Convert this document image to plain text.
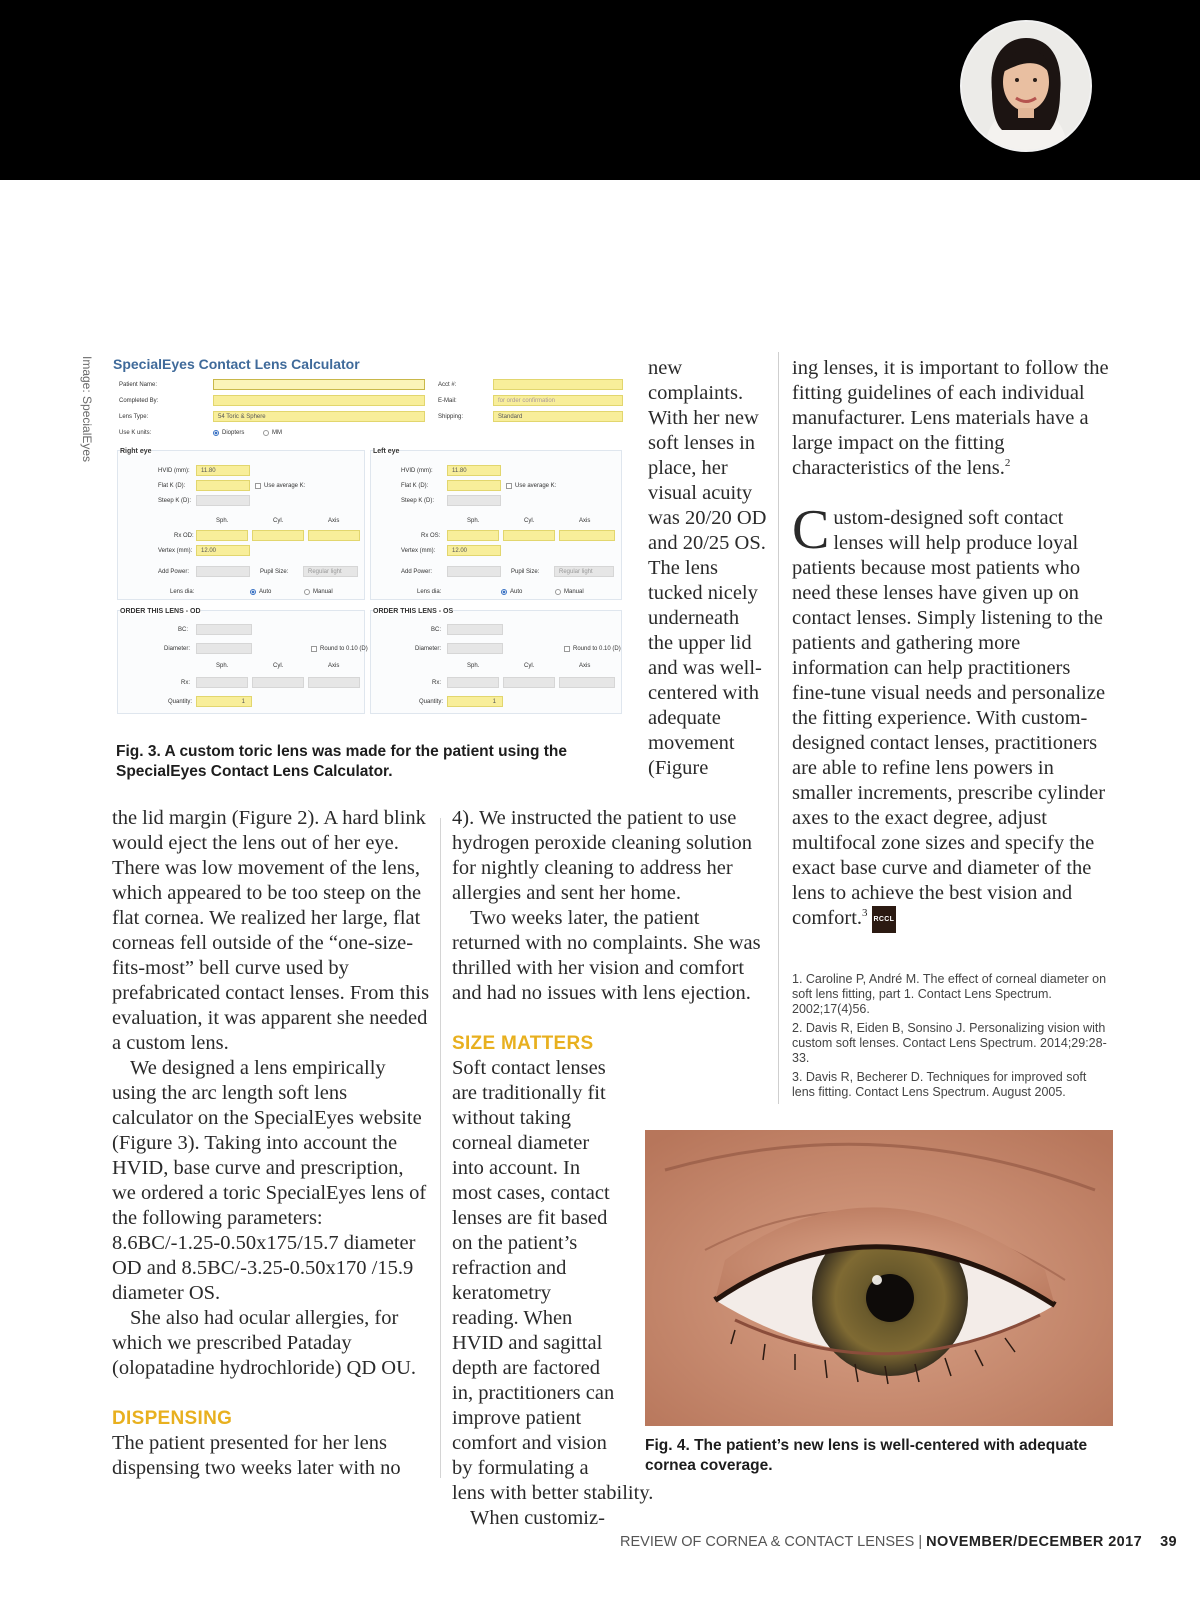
Image: SpecialEyes SpecialEyes Contact Lens Calculator
Patient Name:
Completed By:
Lens Type:	54 Toric & Sphere
Use K units:	Diopters	MM
Acct #:
E-Mail:	for order confirmation
Shipping:	Standard
Right eye
HVID (mm):	11.80
Flat K (D):	Use average K:
Steep K (D):
Sph.	Cyl.	Axis
Rx OD:
Vertex (mm):	12.00
Add Power:	Pupil Size:	Regular light
Lens dia:	Auto	Manual
Left eye
HVID (mm):	11.80
Flat K (D):	Use average K:
Steep K (D):
Sph.	Cyl.	Axis
Rx OS:
Vertex (mm):	12.00
Add Power:	Pupil Size:	Regular light
Lens dia:	Auto	Manual
ORDER THIS LENS - OD
BC:
Diameter:	Round to 0.10 (D)
Sph.	Cyl.	Axis
Rx:
Quantity:	1
ORDER THIS LENS - OS
BC:
Diameter:	Round to 0.10 (D)
Sph.	Cyl.	Axis
Rx:
Quantity:	1
Fig. 3. A custom toric lens was made for the patient using the SpecialEyes Contact Lens Calculator.

new complaints. With her new soft lenses in place, her visual acuity was 20/20 OD and 20/25 OS. The lens tucked nicely underneath the upper lid and was well-centered with adequate movement (Figure

the lid margin (Figure 2). A hard blink would eject the lens out of her eye. There was low movement of the lens, which appeared to be too steep on the flat cornea. We realized her large, flat corneas fell outside of the “one-size-fits-most” bell curve used by prefabricated contact lenses. From this evaluation, it was apparent she needed a custom lens.

We designed a lens empirically using the arc length soft lens calculator on the SpecialEyes website (Figure 3). Taking into account the HVID, base curve and prescription, we ordered a toric SpecialEyes lens of the following parameters: 8.6BC/-1.25-0.50x175/15.7 diameter OD and 8.5BC/-3.25-0.50x170 /15.9 diameter OS.

She also had ocular allergies, for which we prescribed Pataday (olopatadine hydrochloride) QD OU.

DISPENSING

The patient presented for her lens dispensing two weeks later with no

4). We instructed the patient to use hydrogen peroxide cleaning solution for nightly cleaning to address her allergies and sent her home.

Two weeks later, the patient returned with no complaints. She was thrilled with her vision and comfort and had no issues with lens ejection.

SIZE MATTERS

Soft contact lenses are traditionally fit without taking corneal diameter into account. In most cases, contact lenses are fit based on the patient’s refraction and keratometry reading. When HVID and sagittal depth are factored in, practitioners can improve patient comfort and vision by formulating a lens with better stability.

When customiz-

ing lenses, it is important to follow the fitting guidelines of each individual manufacturer. Lens materials have a large impact on the fitting characteristics of the lens.$^2$

Custom-designed soft contact lenses will help produce loyal patients because most patients who need these lenses have given up on contact lenses. Simply listening to the patients and gathering more information can help practitioners fine-tune visual needs and personalize the fitting experience. With custom-designed contact lenses, practitioners are able to refine lens powers in smaller increments, prescribe cylinder axes to the exact degree, adjust multifocal zone sizes and specify the exact base curve and diameter of the lens to achieve the best vision and comfort.$^3$RCCL

1. Caroline P, André M. The effect of corneal diameter on soft lens fitting, part 1. Contact Lens Spectrum. 2002;17(4)56.

2. Davis R, Eiden B, Sonsino J. Personalizing vision with custom soft lenses. Contact Lens Spectrum. 2014;29:28-33.

3. Davis R, Becherer D. Techniques for improved soft lens fitting. Contact Lens Spectrum. August 2005.

Fig. 4. The patient’s new lens is well-centered with adequate cornea coverage.
REVIEW OF CORNEA & CONTACT LENSES | NOVEMBER/DECEMBER 2017 39
